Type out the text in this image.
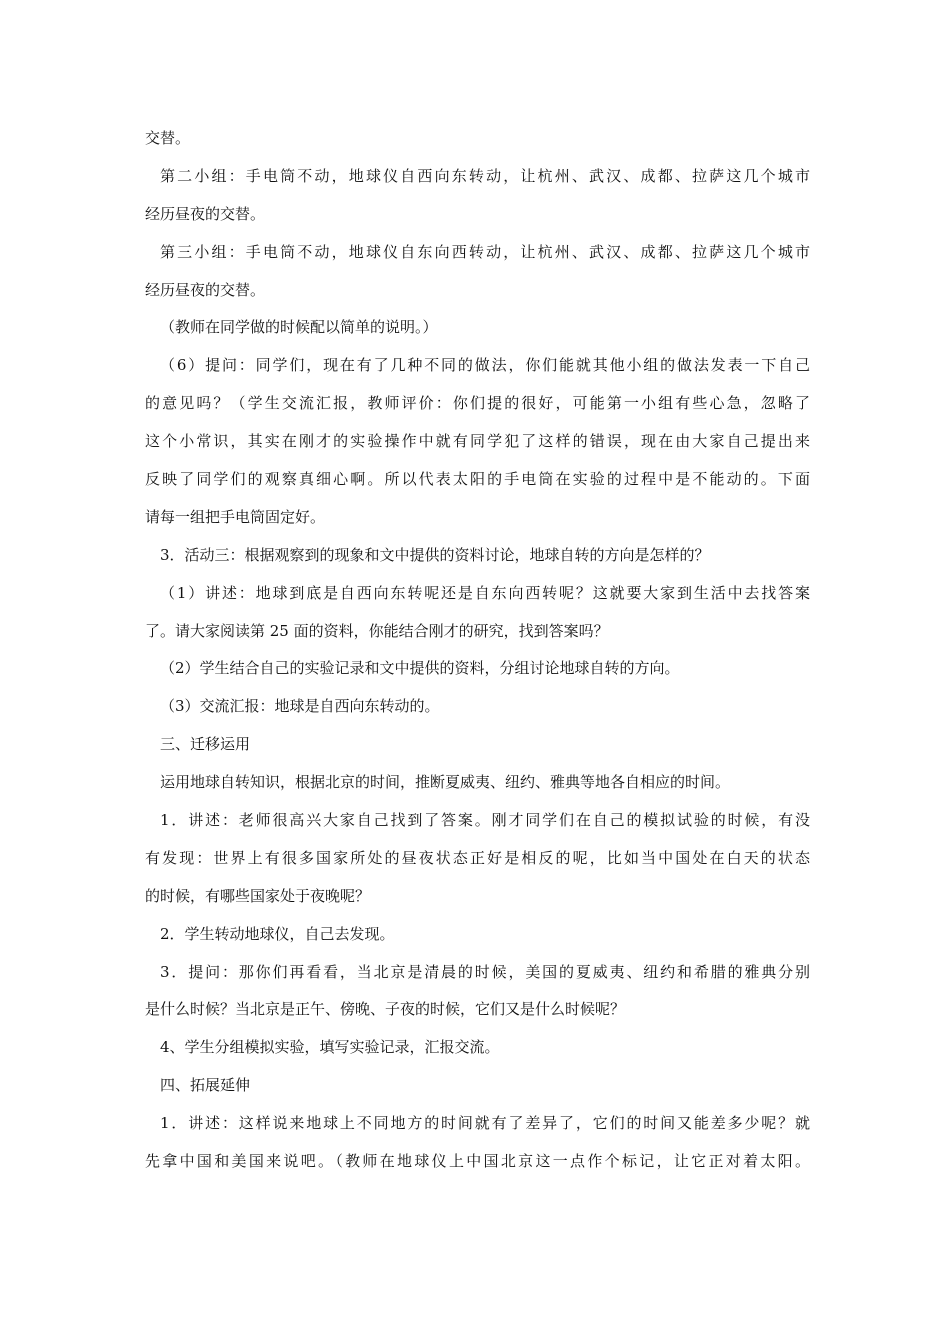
交替。
第二小组：手电筒不动，地球仪自西向东转动，让杭州、武汉、成都、拉萨这几个城市
经历昼夜的交替。
第三小组：手电筒不动，地球仪自东向西转动，让杭州、武汉、成都、拉萨这几个城市
经历昼夜的交替。
（教师在同学做的时候配以简单的说明。）
（6）提问：同学们，现在有了几种不同的做法，你们能就其他小组的做法发表一下自己
的意见吗？（学生交流汇报，教师评价：你们提的很好，可能第一小组有些心急，忽略了
这个小常识，其实在刚才的实验操作中就有同学犯了这样的错误，现在由大家自己提出来
反映了同学们的观察真细心啊。所以代表太阳的手电筒在实验的过程中是不能动的。下面
请每一组把手电筒固定好。
3．活动三：根据观察到的现象和文中提供的资料讨论，地球自转的方向是怎样的？
（1）讲述：地球到底是自西向东转呢还是自东向西转呢？这就要大家到生活中去找答案
了。请大家阅读第 25 面的资料，你能结合刚才的研究，找到答案吗？
（2）学生结合自己的实验记录和文中提供的资料，分组讨论地球自转的方向。
（3）交流汇报：地球是自西向东转动的。
三、迁移运用
运用地球自转知识，根据北京的时间，推断夏威夷、纽约、雅典等地各自相应的时间。
1．讲述：老师很高兴大家自己找到了答案。刚才同学们在自己的模拟试验的时候，有没
有发现：世界上有很多国家所处的昼夜状态正好是相反的呢，比如当中国处在白天的状态
的时候，有哪些国家处于夜晚呢？
2．学生转动地球仪，自己去发现。
3．提问：那你们再看看，当北京是清晨的时候，美国的夏威夷、纽约和希腊的雅典分别
是什么时候？当北京是正午、傍晚、子夜的时候，它们又是什么时候呢？
4、学生分组模拟实验，填写实验记录，汇报交流。
四、拓展延伸
1．讲述：这样说来地球上不同地方的时间就有了差异了，它们的时间又能差多少呢？就
先拿中国和美国来说吧。（教师在地球仪上中国北京这一点作个标记，让它正对着太阳。
